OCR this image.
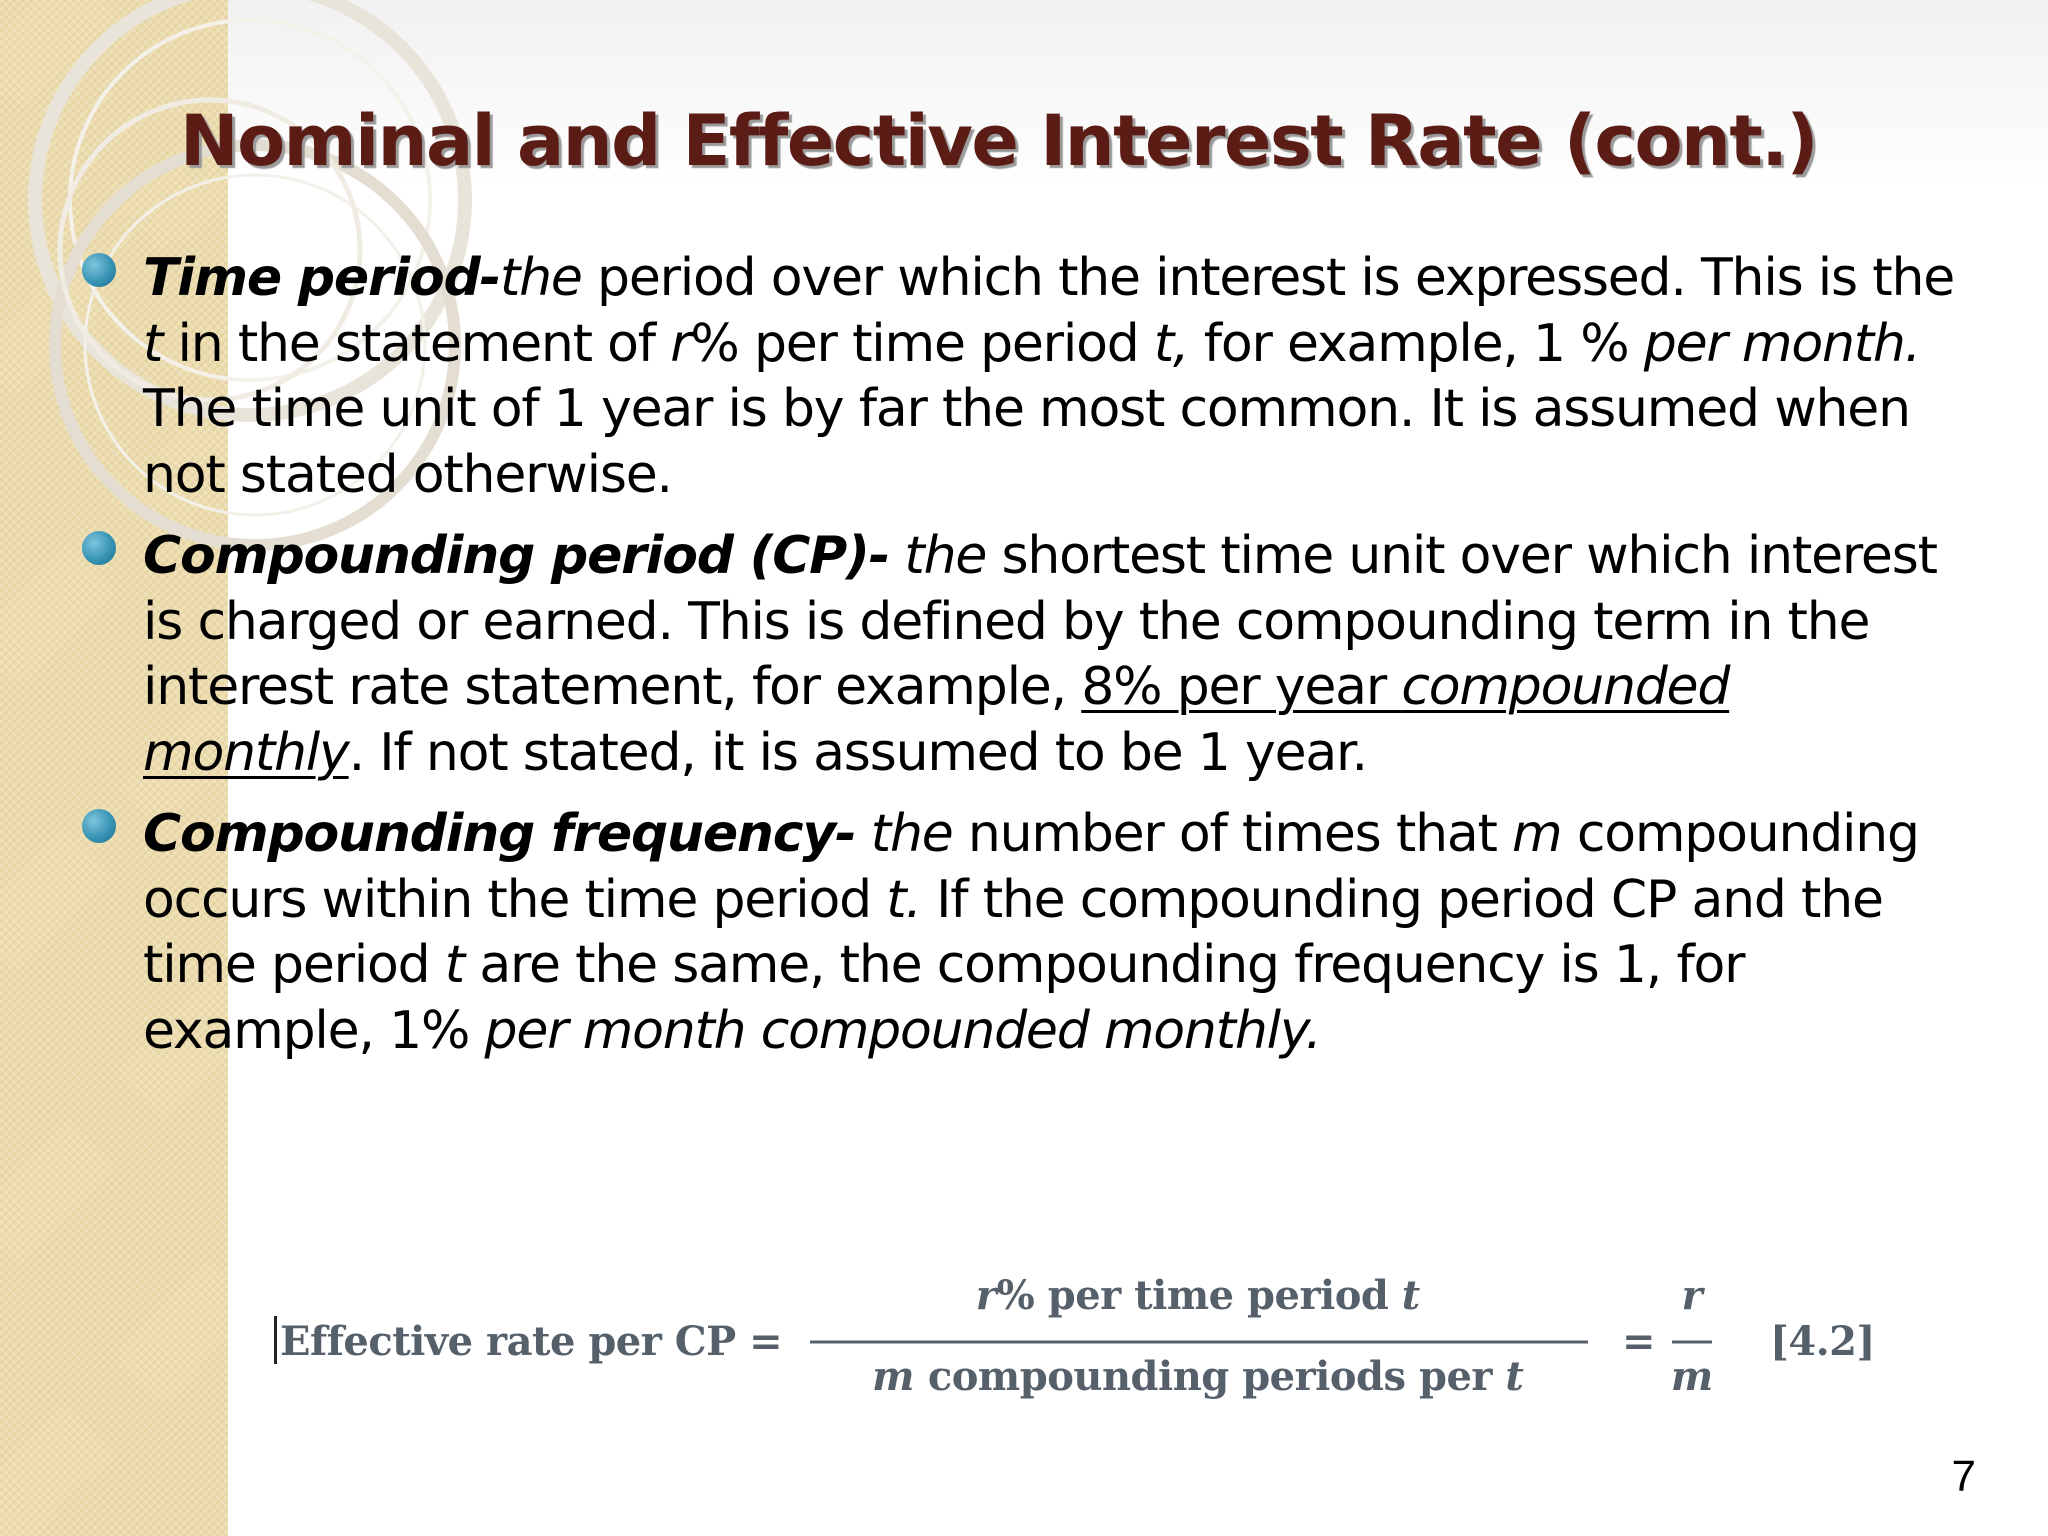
Nominal and Effective Interest Rate (cont.)
Time period-the period over which the interest is expressed. This is the t in the statement of r% per time period t, for example, 1 % per month. The time unit of 1 year is by far the most common. It is assumed when not stated otherwise.
Compounding period (CP)- the shortest time unit over which interest is charged or earned. This is defined by the compounding term in the interest rate statement, for example, 8% per year compounded monthly. If not stated, it is assumed to be 1 year.
Compounding frequency- the number of times that m compounding occurs within the time period t. If the compounding period CP and the time period t are the same, the compounding frequency is 1, for example, 1% per month compounded monthly.
Effective rate per CP =
r% per time period t
m compounding periods per t
=
r
m
[4.2]

7
